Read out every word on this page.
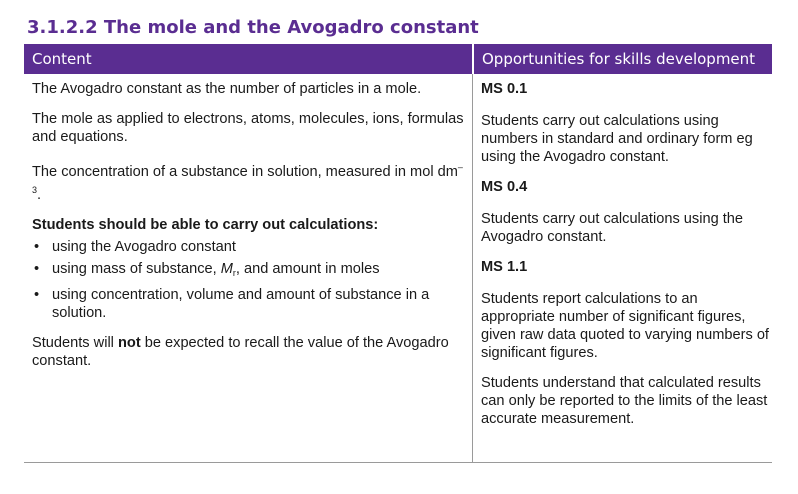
3.1.2.2 The mole and the Avogadro constant
Content	Opportunities for skills development

The Avogadro constant as the number of particles in a mole.

The mole as applied to electrons, atoms, molecules, ions, formulas and equations.

The concentration of a substance in solution, measured in mol $dm^{-3}$.

Students should be able to carry out calculations:

• using the Avogadro constant
• using mass of substance, $M_r$, and amount in moles
• using concentration, volume and amount of substance in a solution.

Students will not be expected to recall the value of the Avogadro constant.

MS 0.1

Students carry out calculations using numbers in standard and ordinary form eg using the Avogadro constant.

MS 0.4

Students carry out calculations using the Avogadro constant.

MS 1.1

Students report calculations to an appropriate number of significant figures, given raw data quoted to varying numbers of significant figures.

Students understand that calculated results can only be reported to the limits of the least accurate measurement.
